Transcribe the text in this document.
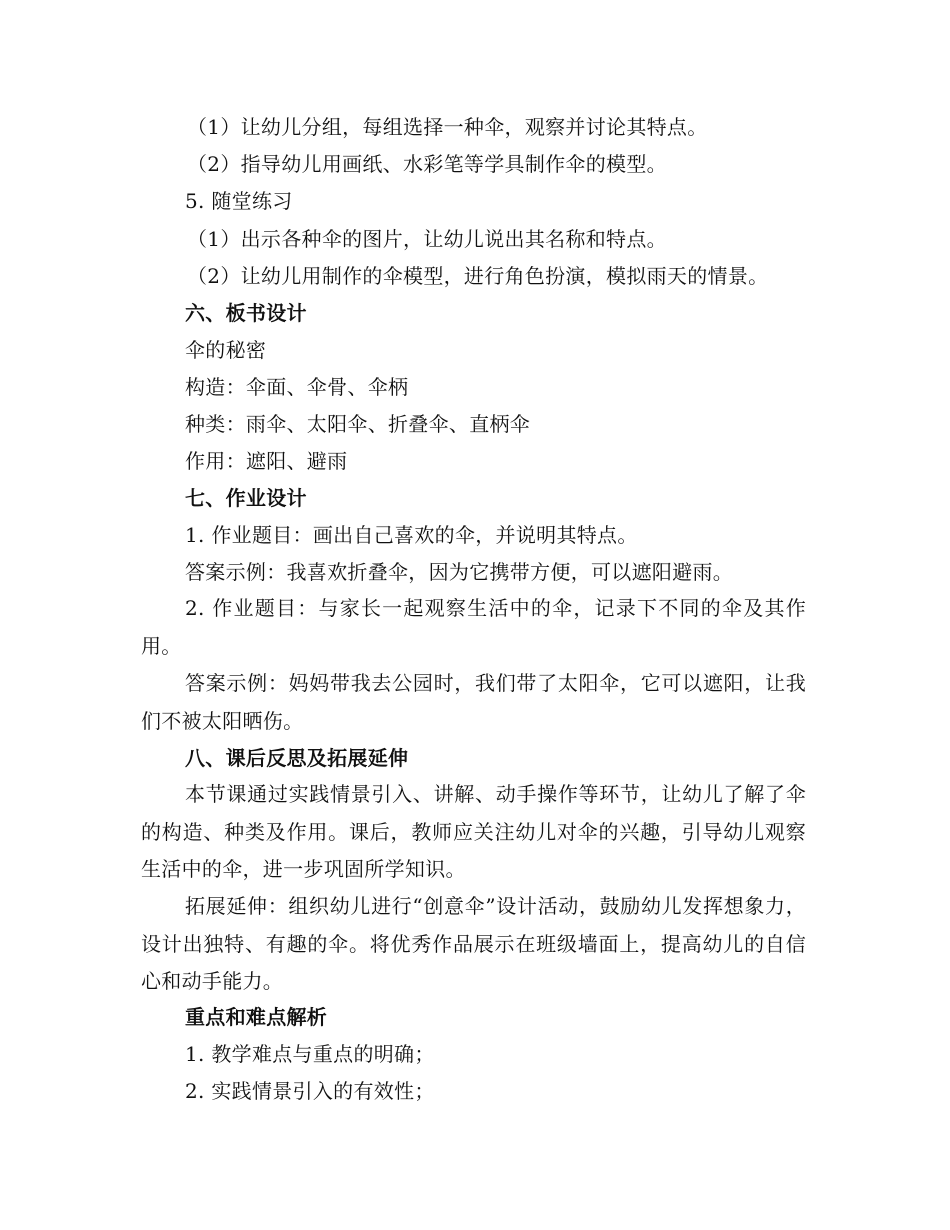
（1）让幼儿分组，每组选择一种伞，观察并讨论其特点。
（2）指导幼儿用画纸、水彩笔等学具制作伞的模型。
5. 随堂练习
（1）出示各种伞的图片，让幼儿说出其名称和特点。
（2）让幼儿用制作的伞模型，进行角色扮演，模拟雨天的情景。
六、板书设计
伞的秘密
构造：伞面、伞骨、伞柄
种类：雨伞、太阳伞、折叠伞、直柄伞
作用：遮阳、避雨
七、作业设计
1. 作业题目：画出自己喜欢的伞，并说明其特点。
答案示例：我喜欢折叠伞，因为它携带方便，可以遮阳避雨。
2. 作业题目：与家长一起观察生活中的伞，记录下不同的伞及其作用。
答案示例：妈妈带我去公园时，我们带了太阳伞，它可以遮阳，让我们不被太阳晒伤。
八、课后反思及拓展延伸
本节课通过实践情景引入、讲解、动手操作等环节，让幼儿了解了伞的构造、种类及作用。课后，教师应关注幼儿对伞的兴趣，引导幼儿观察生活中的伞，进一步巩固所学知识。
拓展延伸：组织幼儿进行“创意伞”设计活动，鼓励幼儿发挥想象力，设计出独特、有趣的伞。将优秀作品展示在班级墙面上，提高幼儿的自信心和动手能力。
重点和难点解析
1. 教学难点与重点的明确；
2. 实践情景引入的有效性；
